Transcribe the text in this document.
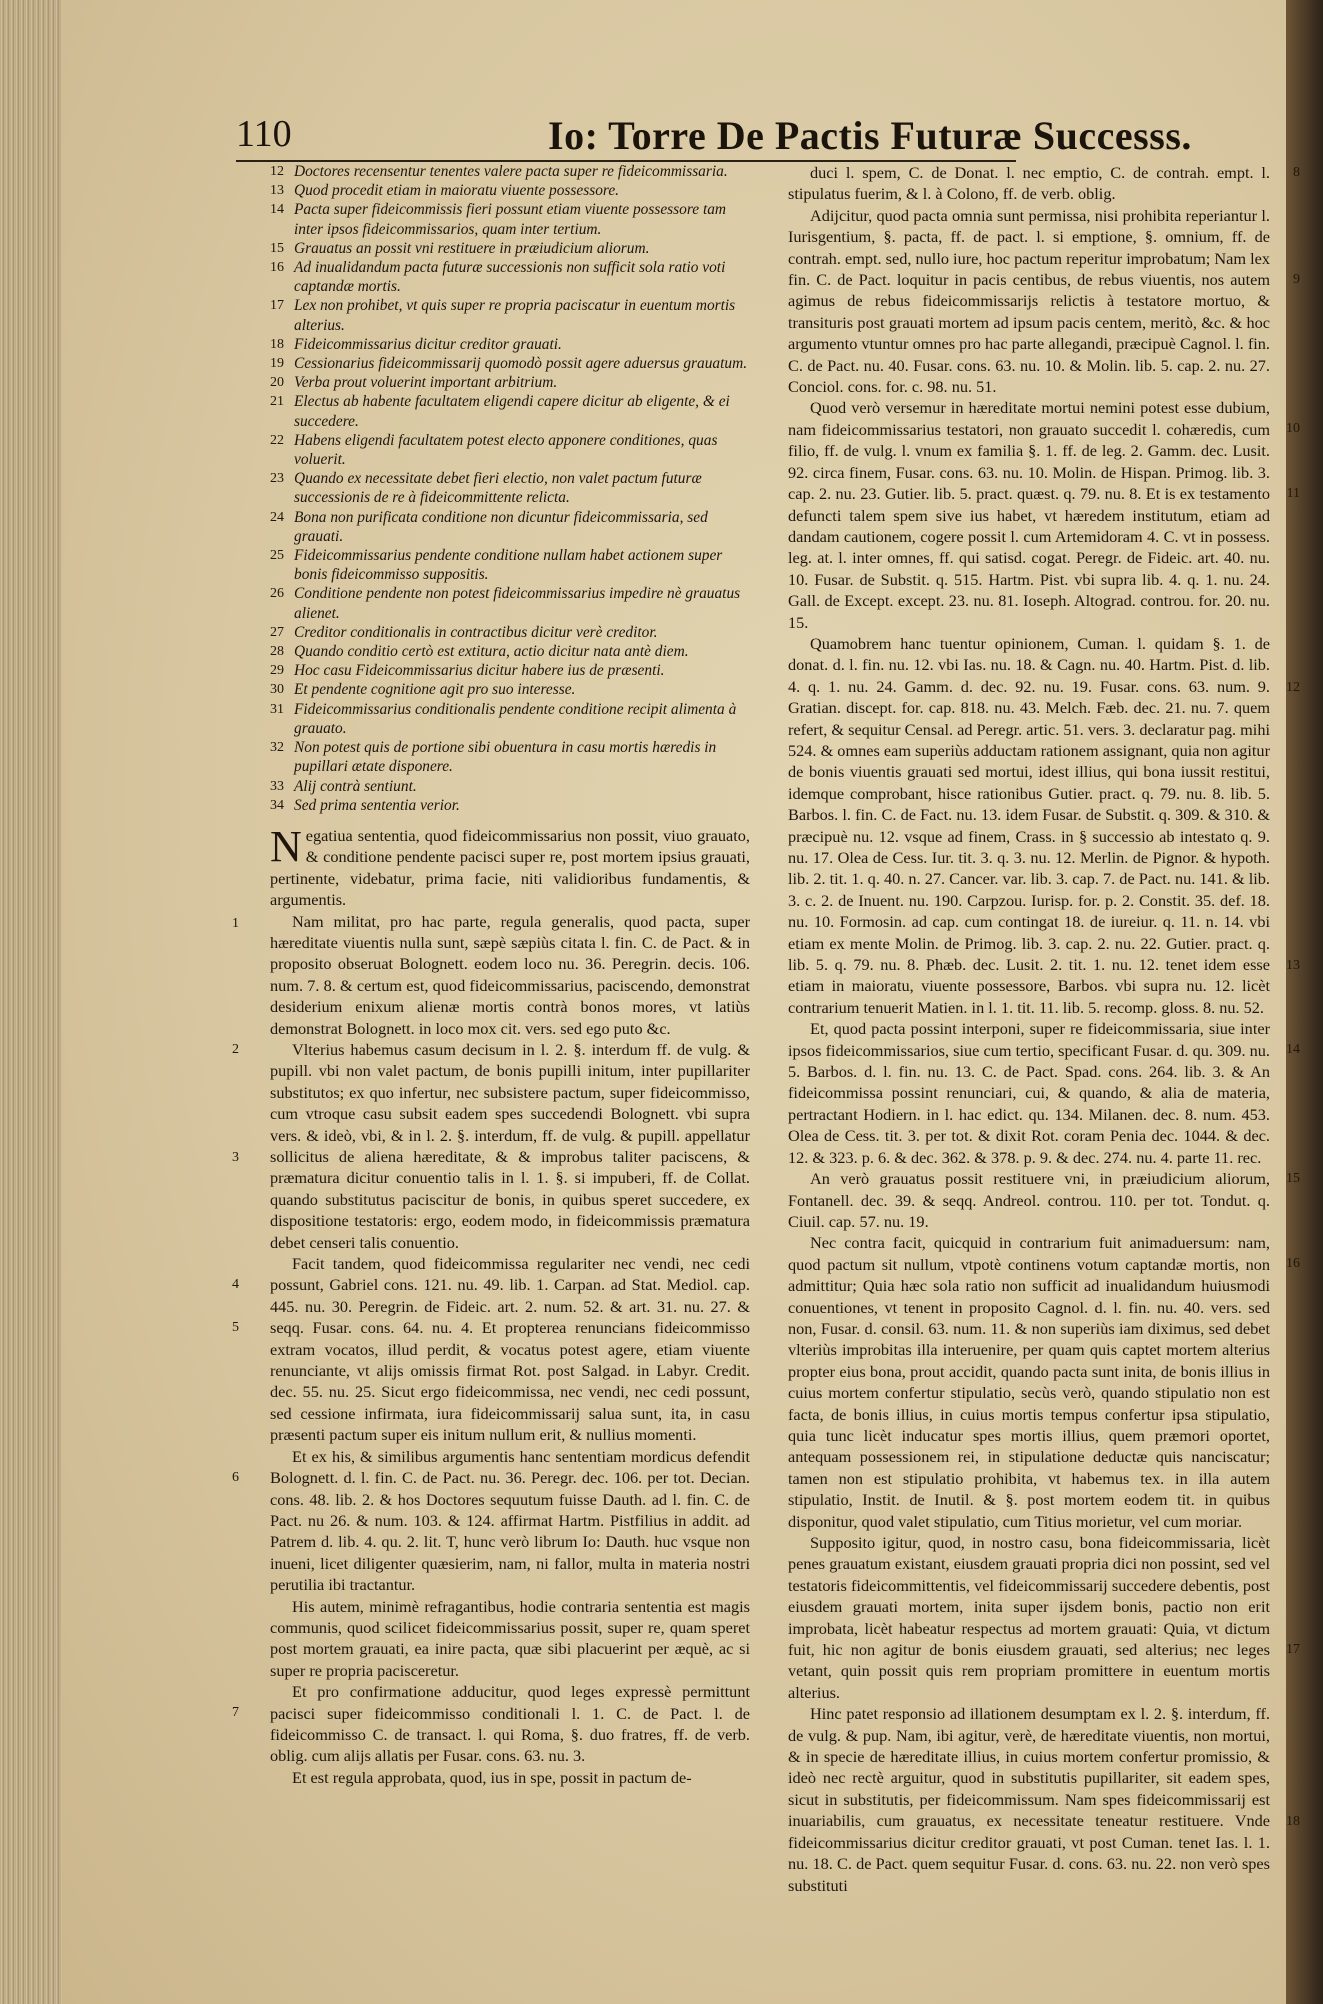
110	Io: Torre De Pactis Futuræ Successs.

12 Doctores recensentur tenentes valere pacta super re fideicommissaria.

13 Quod procedit etiam in maioratu viuente possessore.

14 Pacta super fideicommissis fieri possunt etiam viuente possessore tam inter ipsos fideicommissarios, quam inter tertium.

15 Grauatus an possit vni restituere in præiudicium aliorum.

16 Ad inualidandum pacta futuræ successionis non sufficit sola ratio voti captandæ mortis.

17 Lex non prohibet, vt quis super re propria paciscatur in euentum mortis alterius.

18 Fideicommissarius dicitur creditor grauati.

19 Cessionarius fideicommissarij quomodò possit agere aduersus grauatum.

20 Verba prout voluerint important arbitrium.

21 Electus ab habente facultatem eligendi capere dicitur ab eligente, & ei succedere.

22 Habens eligendi facultatem potest electo apponere conditiones, quas voluerit.

23 Quando ex necessitate debet fieri electio, non valet pactum futuræ successionis de re à fideicommittente relicta.

24 Bona non purificata conditione non dicuntur fideicommissaria, sed grauati.

25 Fideicommissarius pendente conditione nullam habet actionem super bonis fideicommisso suppositis.

26 Conditione pendente non potest fideicommissarius impedire nè grauatus alienet.

27 Creditor conditionalis in contractibus dicitur verè creditor.

28 Quando conditio certò est extitura, actio dicitur nata antè diem.

29 Hoc casu Fideicommissarius dicitur habere ius de præsenti.

30 Et pendente cognitione agit pro suo interesse.

31 Fideicommissarius conditionalis pendente conditione recipit alimenta à grauato.

32 Non potest quis de portione sibi obuentura in casu mortis hæredis in pupillari ætate disponere.

33 Alij contrà sentiunt.

34 Sed prima sententia verior.

Negatiua sententia, quod fideicommissarius non possit, viuo grauato, & conditione pendente pacisci super re, post mortem ipsius grauati, pertinente, videbatur, prima facie, niti validioribus fundamentis, & argumentis.

Nam militat, pro hac parte, regula generalis, quod pacta, super hæreditate viuentis nulla sunt, sæpè sæpiùs citata l. fin. C. de Pact. & in proposito obseruat Bolognett. eodem loco nu. 36. Peregrin. decis. 106. num. 7. 8. & certum est, quod fideicommissarius, paciscendo, demonstrat desiderium enixum alienæ mortis contrà bonos mores, vt latiùs demonstrat Bolognett. in loco mox cit. vers. sed ego puto &c.
1
2	Vlterius habemus casum decisum in l. 2. §. interdum ff. de vulg. & pupill. vbi non valet pactum, de bonis pupilli initum, inter pupillariter substitutos; ex quo infertur, nec subsistere pactum, super fideicommisso, cum vtroque casu subsit eadem spes succedendi Bolognett. vbi supra vers. & ideò, vbi, & in l. 2. §. interdum, ff. de vulg. & pupill. appellatur sollicitus de aliena hæreditate, & & improbus taliter paciscens, & præmatura dicitur conuentio talis in l. 1. §. si impuberi, ff. de Collat. quando substitutus paciscitur de bonis, in quibus speret succedere, ex dispositione testatoris: ergo, eodem modo, in fideicommissis præmatura debet censeri talis conuentio.
3

Facit tandem, quod fideicommissa regulariter nec vendi, nec cedi possunt, Gabriel cons. 121. nu. 49. lib. 1. Carpan. ad Stat. Mediol. cap. 445. nu. 30. Peregrin. de Fideic. art. 2. num. 52. & art. 31. nu. 27. & seqq. Fusar. cons. 64. nu. 4. Et propterea renuncians fideicommisso extram vocatos, illud perdit, & vocatus potest agere, etiam viuente renunciante, vt alijs omissis firmat Rot. post Salgad. in Labyr. Credit. dec. 55. nu. 25. Sicut ergo fideicommissa, nec vendi, nec cedi possunt, sed cessione infirmata, iura fideicommissarij salua sunt, ita, in casu præsenti pactum super eis initum nullum erit, & nullius momenti.
4
5

Et ex his, & similibus argumentis hanc sententiam mordicus defendit Bolognett. d. l. fin. C. de Pact. nu. 36. Peregr. dec. 106. per tot. Decian. cons. 48. lib. 2. & hos Doctores sequutum fuisse Dauth. ad l. fin. C. de Pact. nu 26. & num. 103. & 124. affirmat Hartm. Pistfilius in addit. ad Patrem d. lib. 4. qu. 2. lit. T, hunc verò librum Io: Dauth. huc vsque non inueni, licet diligenter quæsierim, nam, ni fallor, multa in materia nostri perutilia ibi tractantur.
6

His autem, minimè refragantibus, hodie contraria sententia est magis communis, quod scilicet fideicommissarius possit, super re, quam speret post mortem grauati, ea inire pacta, quæ sibi placuerint per æquè, ac si super re propria pacisceretur.

Et pro confirmatione adducitur, quod leges expressè permittunt pacisci super fideicommisso conditionali l. 1. C. de Pact. l. de fideicommisso C. de transact. l. qui Roma, §. duo fratres, ff. de verb. oblig. cum alijs allatis per Fusar. cons. 63. nu. 3.
7

Et est regula approbata, quod, ius in spe, possit in pactum de-

duci l. spem, C. de Donat. l. nec emptio, C. de contrah. empt. l. stipulatus fuerim, & l. à Colono, ff. de verb. oblig.
8

Adijcitur, quod pacta omnia sunt permissa, nisi prohibita reperiantur l. Iurisgentium, §. pacta, ff. de pact. l. si emptione, §. omnium, ff. de contrah. empt. sed, nullo iure, hoc pactum reperitur improbatum; Nam lex fin. C. de Pact. loquitur in pacis centibus, de rebus viuentis, nos autem agimus de rebus fideicommissarijs relictis à testatore mortuo, & transituris post grauati mortem ad ipsum pacis centem, meritò, &c. & hoc argumento vtuntur omnes pro hac parte allegandi, præcipuè Cagnol. l. fin. C. de Pact. nu. 40. Fusar. cons. 63. nu. 10. & Molin. lib. 5. cap. 2. nu. 27. Conciol. cons. for. c. 98. nu. 51.
9

Quod verò versemur in hæreditate mortui nemini potest esse dubium, nam fideicommissarius testatori, non grauato succedit l. cohæredis, cum filio, ff. de vulg. l. vnum ex familia §. 1. ff. de leg. 2. Gamm. dec. Lusit. 92. circa finem, Fusar. cons. 63. nu. 10. Molin. de Hispan. Primog. lib. 3. cap. 2. nu. 23. Gutier. lib. 5. pract. quæst. q. 79. nu. 8. Et is ex testamento defuncti talem spem sive ius habet, vt hæredem institutum, etiam ad dandam cautionem, cogere possit l. cum Artemidoram 4. C. vt in possess. leg. at. l. inter omnes, ff. qui satisd. cogat. Peregr. de Fideic. art. 40. nu. 10. Fusar. de Substit. q. 515. Hartm. Pist. vbi supra lib. 4. q. 1. nu. 24. Gall. de Except. except. 23. nu. 81. Ioseph. Altograd. controu. for. 20. nu. 15.
10
11

Quamobrem hanc tuentur opinionem, Cuman. l. quidam §. 1. de donat. d. l. fin. nu. 12. vbi Ias. nu. 18. & Cagn. nu. 40. Hartm. Pist. d. lib. 4. q. 1. nu. 24. Gamm. d. dec. 92. nu. 19. Fusar. cons. 63. num. 9. Gratian. discept. for. cap. 818. nu. 43. Melch. Fæb. dec. 21. nu. 7. quem refert, & sequitur Censal. ad Peregr. artic. 51. vers. 3. declaratur pag. mihi 524. & omnes eam superiùs adductam rationem assignant, quia non agitur de bonis viuentis grauati sed mortui, idest illius, qui bona iussit restitui, idemque comprobant, hisce rationibus Gutier. pract. q. 79. nu. 8. lib. 5. Barbos. l. fin. C. de Fact. nu. 13. idem Fusar. de Substit. q. 309. & 310. & præcipuè nu. 12. vsque ad finem, Crass. in § successio ab intestato q. 9. nu. 17. Olea de Cess. Iur. tit. 3. q. 3. nu. 12. Merlin. de Pignor. & hypoth. lib. 2. tit. 1. q. 40. n. 27. Cancer. var. lib. 3. cap. 7. de Pact. nu. 141. & lib. 3. c. 2. de Inuent. nu. 190. Carpzou. Iurisp. for. p. 2. Constit. 35. def. 18. nu. 10. Formosin. ad cap. cum contingat 18. de iureiur. q. 11. n. 14. vbi etiam ex mente Molin. de Primog. lib. 3. cap. 2. nu. 22. Gutier. pract. q. lib. 5. q. 79. nu. 8. Phæb. dec. Lusit. 2. tit. 1. nu. 12. tenet idem esse etiam in maioratu, viuente possessore, Barbos. vbi supra nu. 12. licèt contrarium tenuerit Matien. in l. 1. tit. 11. lib. 5. recomp. gloss. 8. nu. 52.
12
13

Et, quod pacta possint interponi, super re fideicommissaria, siue inter ipsos fideicommissarios, siue cum tertio, specificant Fusar. d. qu. 309. nu. 5. Barbos. d. l. fin. nu. 13. C. de Pact. Spad. cons. 264. lib. 3. & An fideicommissa possint renunciari, cui, & quando, & alia de materia, pertractant Hodiern. in l. hac edict. qu. 134. Milanen. dec. 8. num. 453. Olea de Cess. tit. 3. per tot. & dixit Rot. coram Penia dec. 1044. & dec. 12. & 323. p. 6. & dec. 362. & 378. p. 9. & dec. 274. nu. 4. parte 11. rec.
14

An verò grauatus possit restituere vni, in præiudicium aliorum, Fontanell. dec. 39. & seqq. Andreol. controu. 110. per tot. Tondut. q. Ciuil. cap. 57. nu. 19.
15

Nec contra facit, quicquid in contrarium fuit animaduersum: nam, quod pactum sit nullum, vtpotè continens votum captandæ mortis, non admittitur; Quia hæc sola ratio non sufficit ad inualidandum huiusmodi conuentiones, vt tenent in proposito Cagnol. d. l. fin. nu. 40. vers. sed non, Fusar. d. consil. 63. num. 11. & non superiùs iam diximus, sed debet vlteriùs improbitas illa interuenire, per quam quis captet mortem alterius propter eius bona, prout accidit, quando pacta sunt inita, de bonis illius in cuius mortem confertur stipulatio, secùs verò, quando stipulatio non est facta, de bonis illius, in cuius mortis tempus confertur ipsa stipulatio, quia tunc licèt inducatur spes mortis illius, quem præmori oportet, antequam possessionem rei, in stipulatione deductæ quis nanciscatur; tamen non est stipulatio prohibita, vt habemus tex. in illa autem stipulatio, Instit. de Inutil. & §. post mortem eodem tit. in quibus disponitur, quod valet stipulatio, cum Titius morietur, vel cum moriar.
16

Supposito igitur, quod, in nostro casu, bona fideicommissaria, licèt penes grauatum existant, eiusdem grauati propria dici non possint, sed vel testatoris fideicommittentis, vel fideicommissarij succedere debentis, post eiusdem grauati mortem, inita super ijsdem bonis, pactio non erit improbata, licèt habeatur respectus ad mortem grauati: Quia, vt dictum fuit, hic non agitur de bonis eiusdem grauati, sed alterius; nec leges vetant, quin possit quis rem propriam promittere in euentum mortis alterius.
17

Hinc patet responsio ad illationem desumptam ex l. 2. §. interdum, ff. de vulg. & pup. Nam, ibi agitur, verè, de hæreditate viuentis, non mortui, & in specie de hæreditate illius, in cuius mortem confertur promissio, & ideò nec rectè arguitur, quod in substitutis pupillariter, sit eadem spes, sicut in substitutis, per fideicommissum. Nam spes fideicommissarij est inuariabilis, cum grauatus, ex necessitate teneatur restituere. Vnde fideicommissarius dicitur creditor grauati, vt post Cuman. tenet Ias. l. 1. nu. 18. C. de Pact. quem sequitur Fusar. d. cons. 63. nu. 22. non verò spes substituti
18
